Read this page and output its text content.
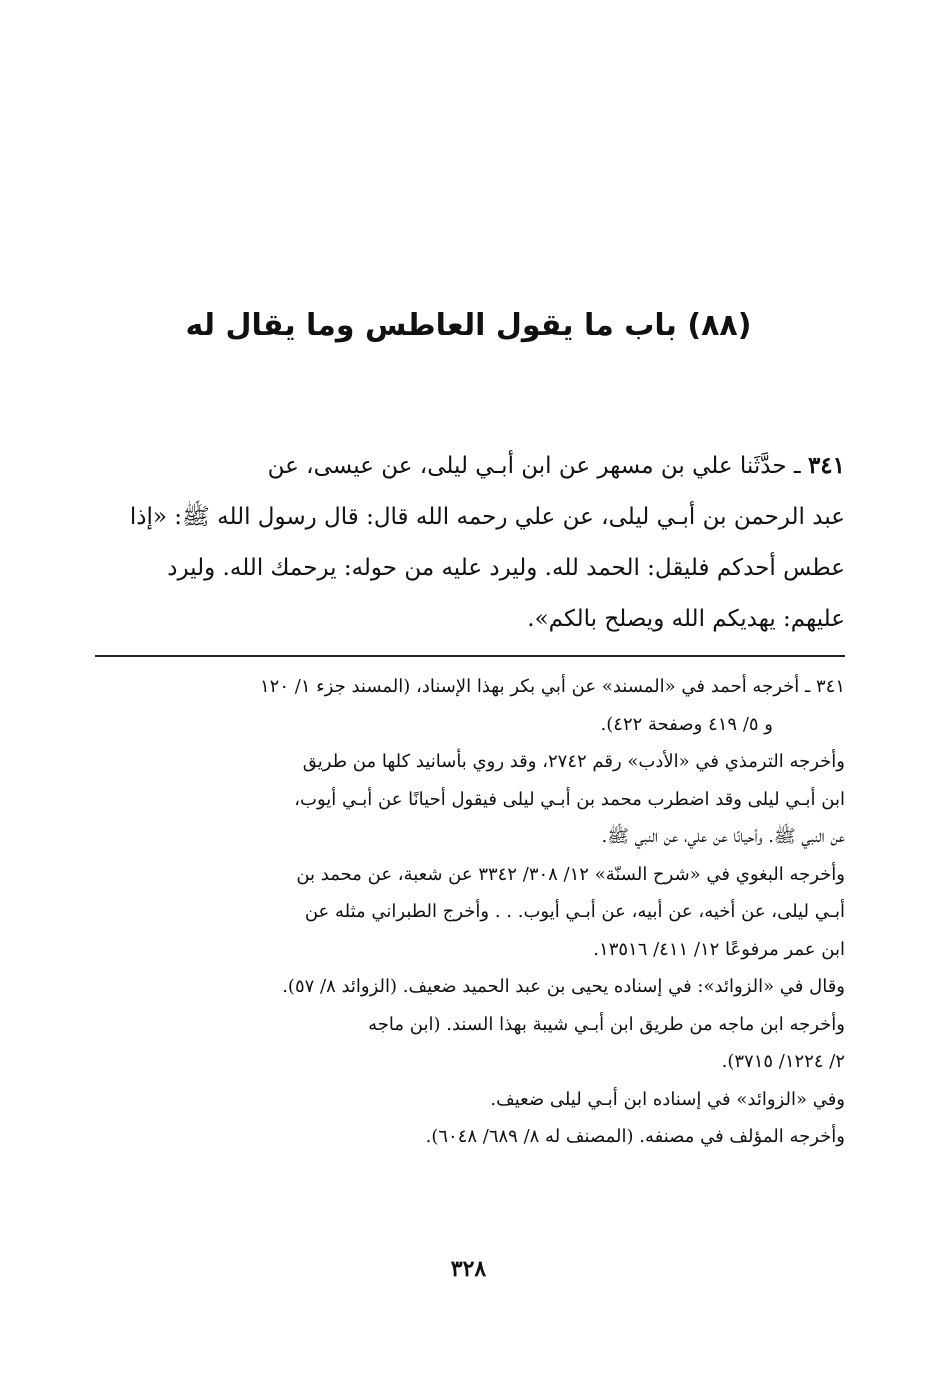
(٨٨) باب ما يقول العاطس وما يقال له
٣٤١ ـ حدَّثَنا علي بن مسهر عن ابن أبـي ليلى، عن عيسى، عن
عبد الرحمن بن أبـي ليلى، عن علي رحمه الله قال: قال رسول الله ﷺ: «إذا
عطس أحدكم فليقل: الحمد لله. وليرد عليه من حوله: يرحمك الله. وليرد
عليهم: يهديكم الله ويصلح بالكم».
٣٤١ ـ أخرجه أحمد في «المسند» عن أبي بكر بهذا الإسناد، (المسند جزء ١/ ١٢٠
و ٥/ ٤١٩ وصفحة ٤٢٢).
وأخرجه الترمذي في «الأدب» رقم ٢٧٤٢، وقد روي بأسانيد كلها من طريق
ابن أبـي ليلى وقد اضطرب محمد بن أبـي ليلى فيقول أحيانًا عن أبـي أيوب،
عن النبي ﷺ. وأحيانًا عن علي، عن النبي ﷺ.
وأخرجه البغوي في «شرح السنّة» ١٢/ ٣٠٨/ ٣٣٤٢ عن شعبة، عن محمد بن
أبـي ليلى، عن أخيه، عن أبيه، عن أبـي أيوب. . . وأخرج الطبراني مثله عن
ابن عمر مرفوعًا ١٢/ ٤١١/ ١٣٥١٦.
وقال في «الزوائد»: في إسناده يحيى بن عبد الحميد ضعيف. (الزوائد ٨/ ٥٧).
وأخرجه ابن ماجه من طريق ابن أبـي شيبة بهذا السند. (ابن ماجه
٢/ ١٢٢٤/ ٣٧١٥).
وفي «الزوائد» في إسناده ابن أبـي ليلى ضعيف.
وأخرجه المؤلف في مصنفه. (المصنف له ٨/ ٦٨٩/ ٦٠٤٨).
٣٢٨
